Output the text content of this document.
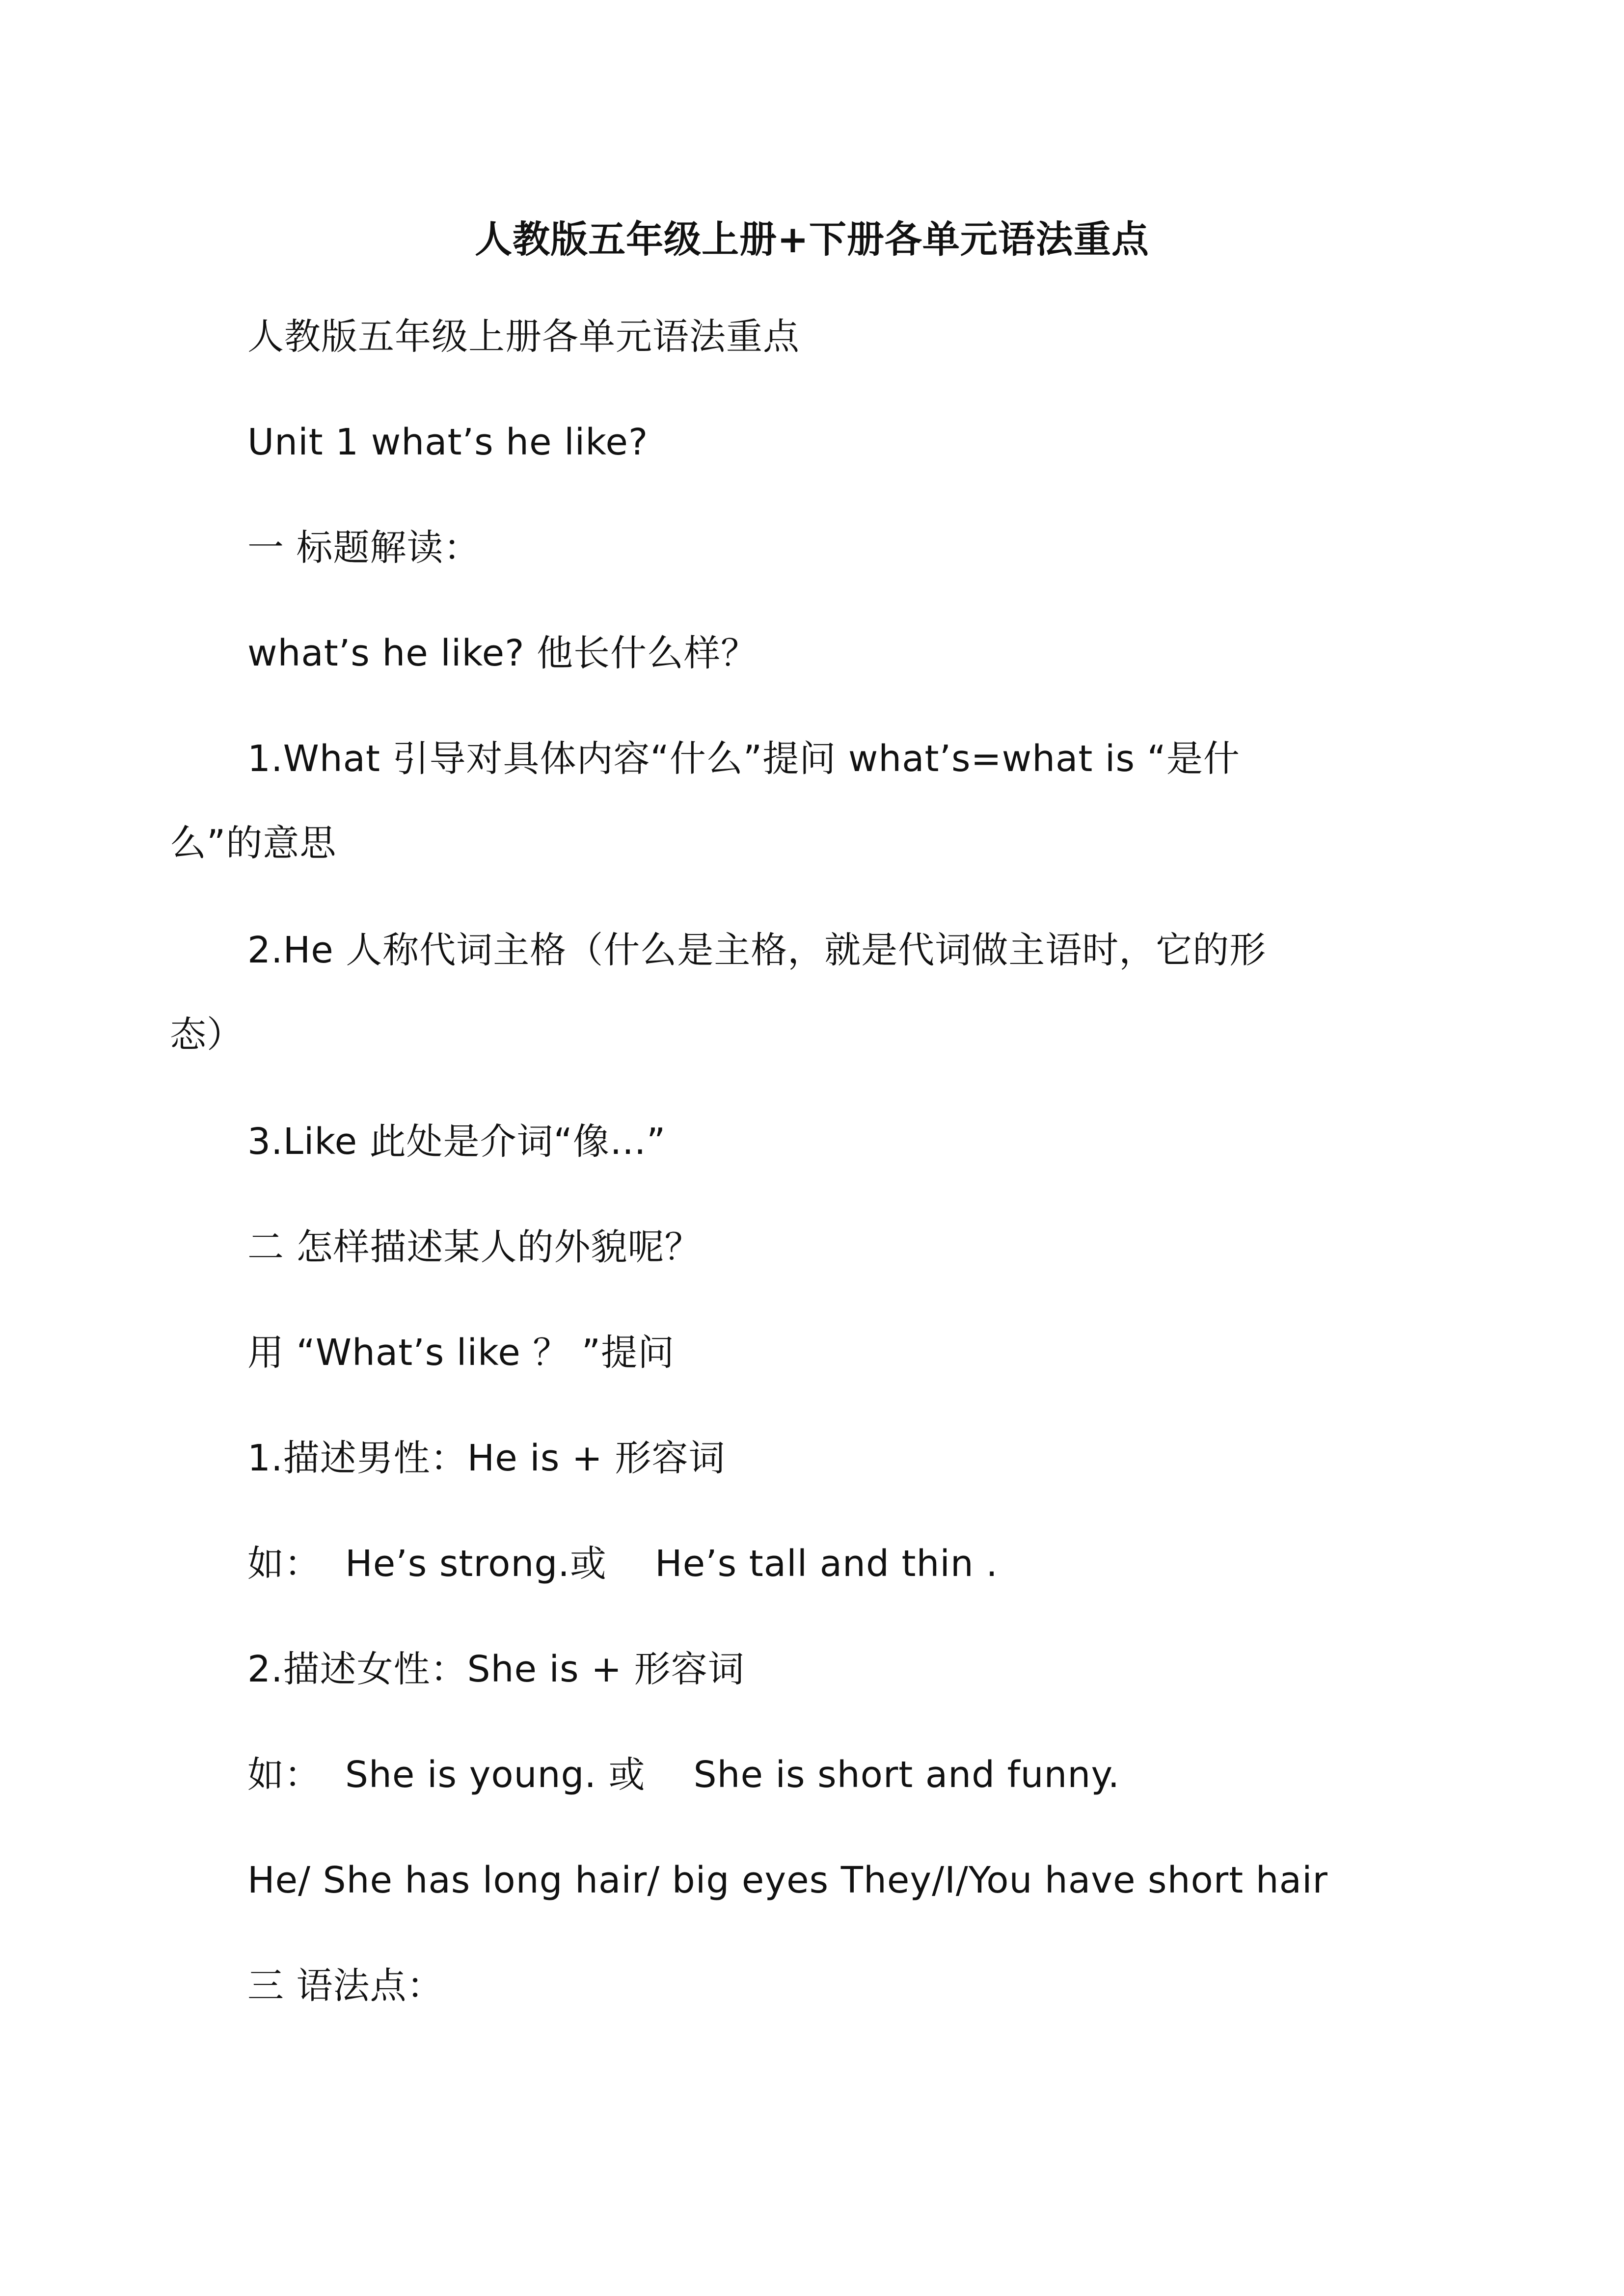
人教版五年级上册+下册各单元语法重点
人教版五年级上册各单元语法重点
Unit 1 what’s he like?
一 标题解读：
what’s he like? 他长什么样？
1.What 引导对具体内容“什么”提问 what’s=what is “是什么”的意思
2.He 人称代词主格（什么是主格，就是代词做主语时，它的形态）
3.Like 此处是介词“像…”
二 怎样描述某人的外貌呢？
用 “What’s like ？ ”提问
1.描述男性：He is + 形容词
如：  He’s strong.或    He’s tall and thin .
2.描述女性：She is + 形容词
如：  She is young. 或    She is short and funny.
He/ She has long hair/ big eyes They/I/You have short hair
三 语法点：
